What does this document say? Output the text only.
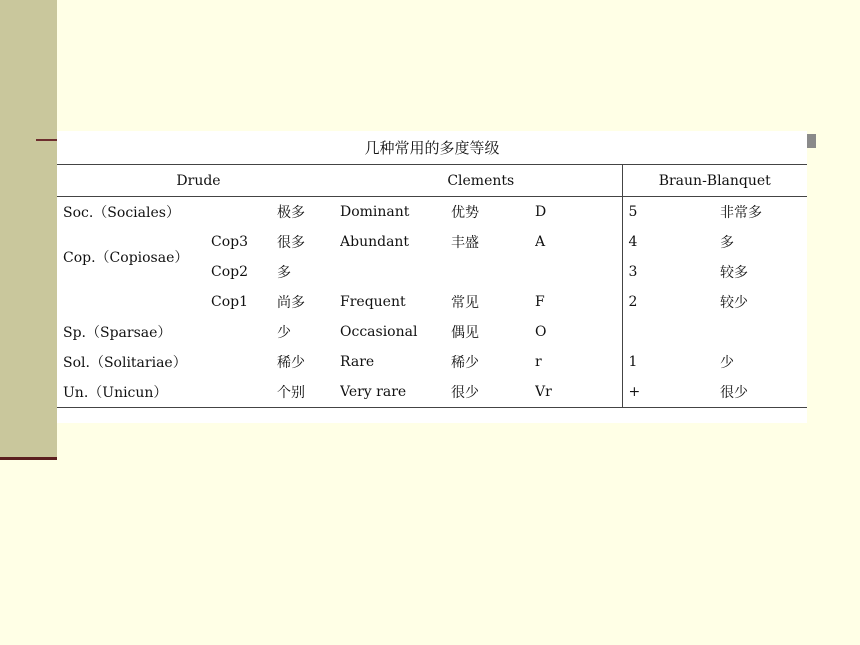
几种常用的多度等级							
Drude			Clements			Braun-Blanquet	
Soc.（Sociales）		极多	Dominant	优势	D	5	非常多
Cop.（Copiosae）	Cop3	很多	Abundant	丰盛	A	4	多
	Cop2	多				3	较多
	Cop1	尚多	Frequent	常见	F	2	较少
Sp.（Sparsae）		少	Occasional	偶见	O		
Sol.（Solitariae）		稀少	Rare	稀少	r	1	少
Un.（Unicun）		个别	Very rare	很少	Vr	+	很少
